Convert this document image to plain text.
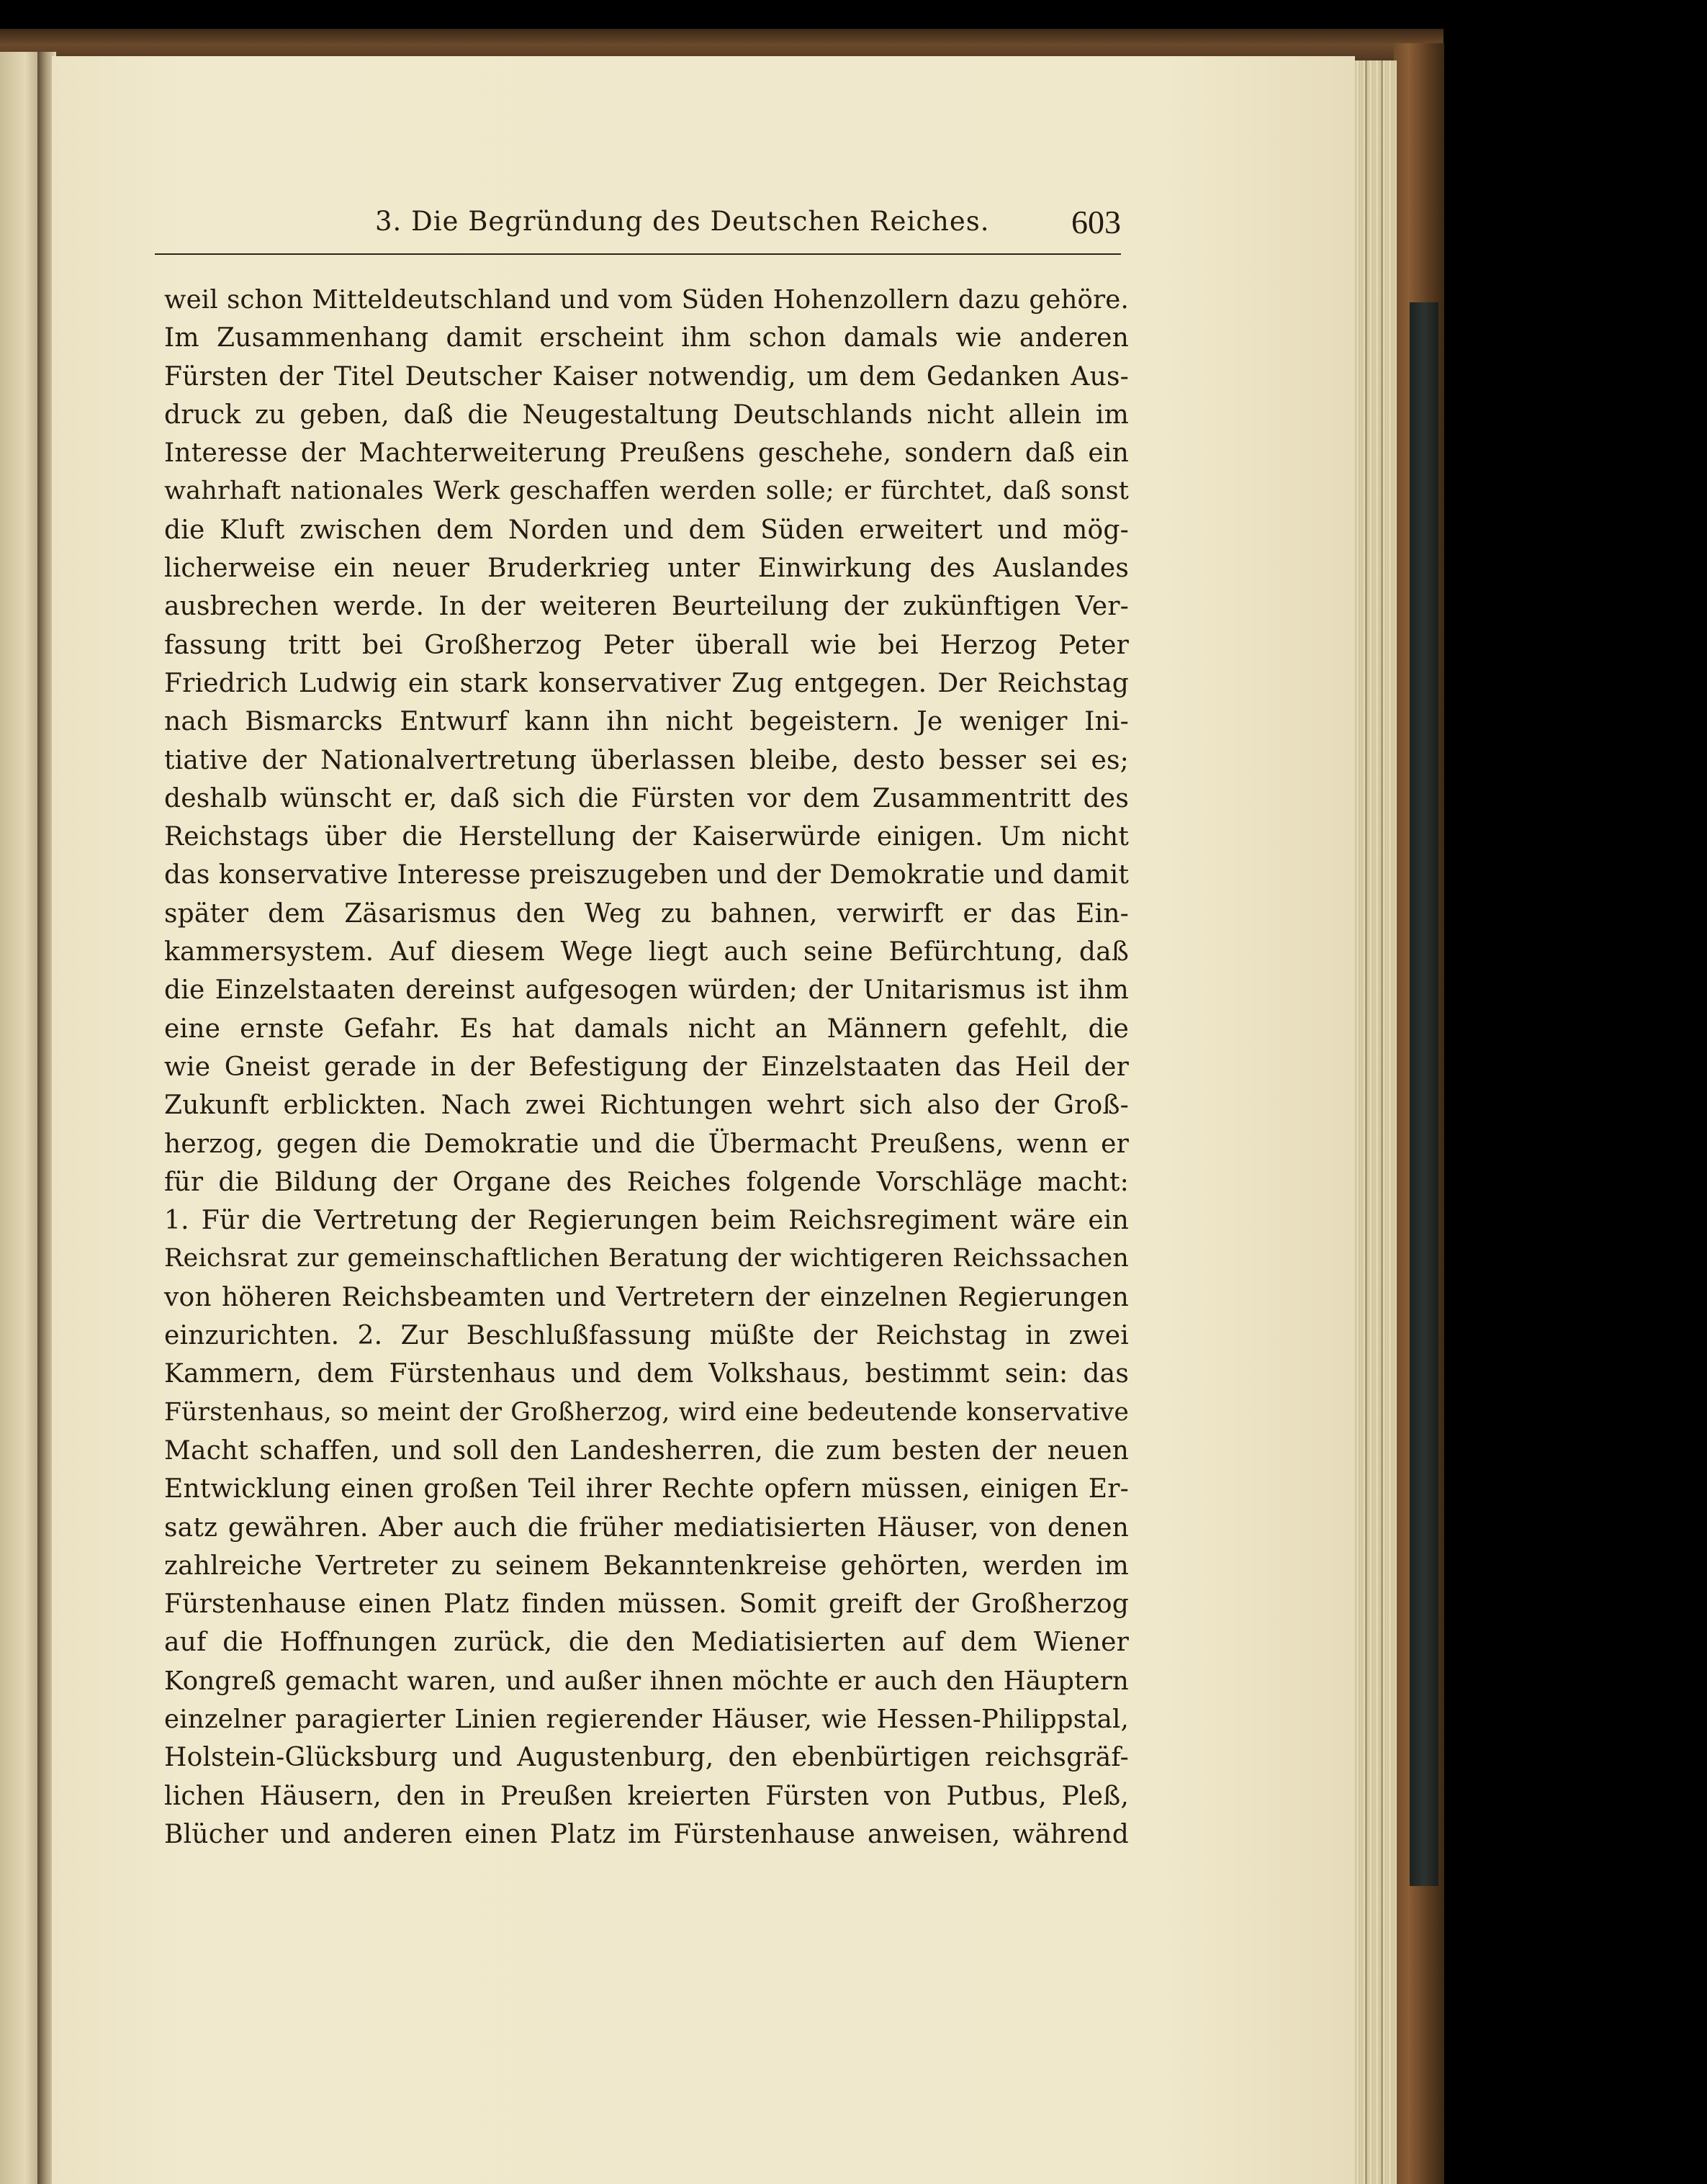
3. Die Begründung des Deutschen Reiches. 603
weil schon Mitteldeutschland und vom Süden Hohenzollern dazu gehöre.
Im Zusammenhang damit erscheint ihm schon damals wie anderen
Fürsten der Titel Deutscher Kaiser notwendig, um dem Gedanken Aus-
druck zu geben, daß die Neugestaltung Deutschlands nicht allein im
Interesse der Machterweiterung Preußens geschehe, sondern daß ein
wahrhaft nationales Werk geschaffen werden solle; er fürchtet, daß sonst
die Kluft zwischen dem Norden und dem Süden erweitert und mög-
licherweise ein neuer Bruderkrieg unter Einwirkung des Auslandes
ausbrechen werde. In der weiteren Beurteilung der zukünftigen Ver-
fassung tritt bei Großherzog Peter überall wie bei Herzog Peter
Friedrich Ludwig ein stark konservativer Zug entgegen. Der Reichstag
nach Bismarcks Entwurf kann ihn nicht begeistern. Je weniger Ini-
tiative der Nationalvertretung überlassen bleibe, desto besser sei es;
deshalb wünscht er, daß sich die Fürsten vor dem Zusammentritt des
Reichstags über die Herstellung der Kaiserwürde einigen. Um nicht
das konservative Interesse preiszugeben und der Demokratie und damit
später dem Zäsarismus den Weg zu bahnen, verwirft er das Ein-
kammersystem. Auf diesem Wege liegt auch seine Befürchtung, daß
die Einzelstaaten dereinst aufgesogen würden; der Unitarismus ist ihm
eine ernste Gefahr. Es hat damals nicht an Männern gefehlt, die
wie Gneist gerade in der Befestigung der Einzelstaaten das Heil der
Zukunft erblickten. Nach zwei Richtungen wehrt sich also der Groß-
herzog, gegen die Demokratie und die Übermacht Preußens, wenn er
für die Bildung der Organe des Reiches folgende Vorschläge macht:
1. Für die Vertretung der Regierungen beim Reichsregiment wäre ein
Reichsrat zur gemeinschaftlichen Beratung der wichtigeren Reichssachen
von höheren Reichsbeamten und Vertretern der einzelnen Regierungen
einzurichten. 2. Zur Beschlußfassung müßte der Reichstag in zwei
Kammern, dem Fürstenhaus und dem Volkshaus, bestimmt sein: das
Fürstenhaus, so meint der Großherzog, wird eine bedeutende konservative
Macht schaffen, und soll den Landesherren, die zum besten der neuen
Entwicklung einen großen Teil ihrer Rechte opfern müssen, einigen Er-
satz gewähren. Aber auch die früher mediatisierten Häuser, von denen
zahlreiche Vertreter zu seinem Bekanntenkreise gehörten, werden im
Fürstenhause einen Platz finden müssen. Somit greift der Großherzog
auf die Hoffnungen zurück, die den Mediatisierten auf dem Wiener
Kongreß gemacht waren, und außer ihnen möchte er auch den Häuptern
einzelner paragierter Linien regierender Häuser, wie Hessen-Philippstal,
Holstein-Glücksburg und Augustenburg, den ebenbürtigen reichsgräf-
lichen Häusern, den in Preußen kreierten Fürsten von Putbus, Pleß,
Blücher und anderen einen Platz im Fürstenhause anweisen, während
